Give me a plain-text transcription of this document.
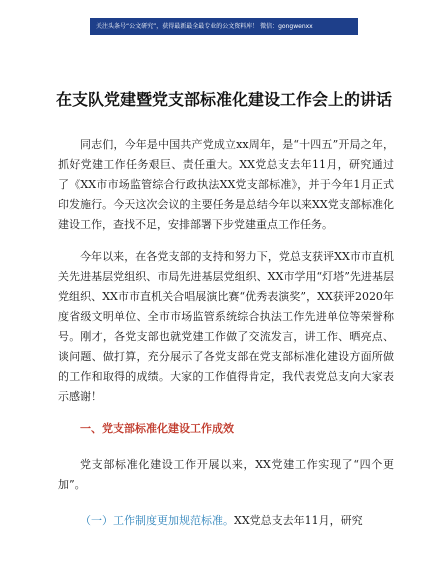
关注头条号“公文研究”，获得最新最全最专业的公文资料库！ 微信：gongwenxx
在支队党建暨党支部标准化建设工作会上的讲话

同志们，今年是中国共产党成立xx周年，是“十四五”开局之年，抓好党建工作任务艰巨、责任重大。XX党总支去年11月，研究通过了《XX市市场监管综合行政执法XX党支部标准》，并于今年1月正式印发施行。今天这次会议的主要任务是总结今年以来XX党支部标准化建设工作，查找不足，安排部署下步党建重点工作任务。

今年以来，在各党支部的支持和努力下，党总支获评XX市市直机关先进基层党组织、市局先进基层党组织、XX市学用“灯塔”先进基层党组织、XX市市直机关合唱展演比赛“优秀表演奖”，XX获评2020年度省级文明单位、全市市场监管系统综合执法工作先进单位等荣誉称号。刚才，各党支部也就党建工作做了交流发言，讲工作、晒亮点、谈问题、做打算，充分展示了各党支部在党支部标准化建设方面所做的工作和取得的成绩。大家的工作值得肯定，我代表党总支向大家表示感谢！

一、党支部标准化建设工作成效

党支部标准化建设工作开展以来，XX党建工作实现了“四个更加”。

（一）工作制度更加规范标准。XX党总支去年11月，研究
